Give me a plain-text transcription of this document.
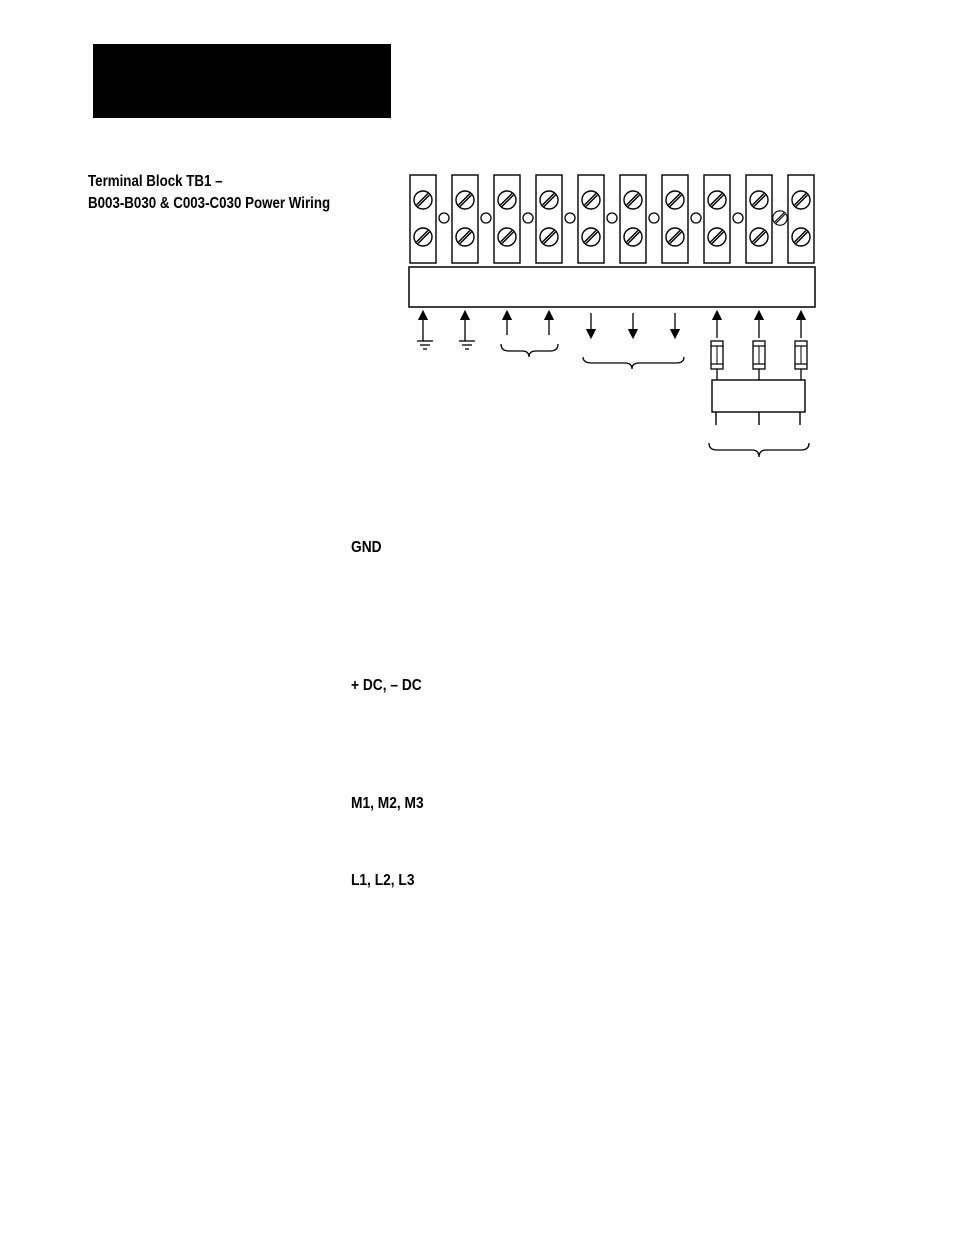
Terminal Block TB1 –
B003-B030 & C003-C030 Power Wiring
GND
+ DC, – DC
M1, M2, M3
L1, L2, L3
